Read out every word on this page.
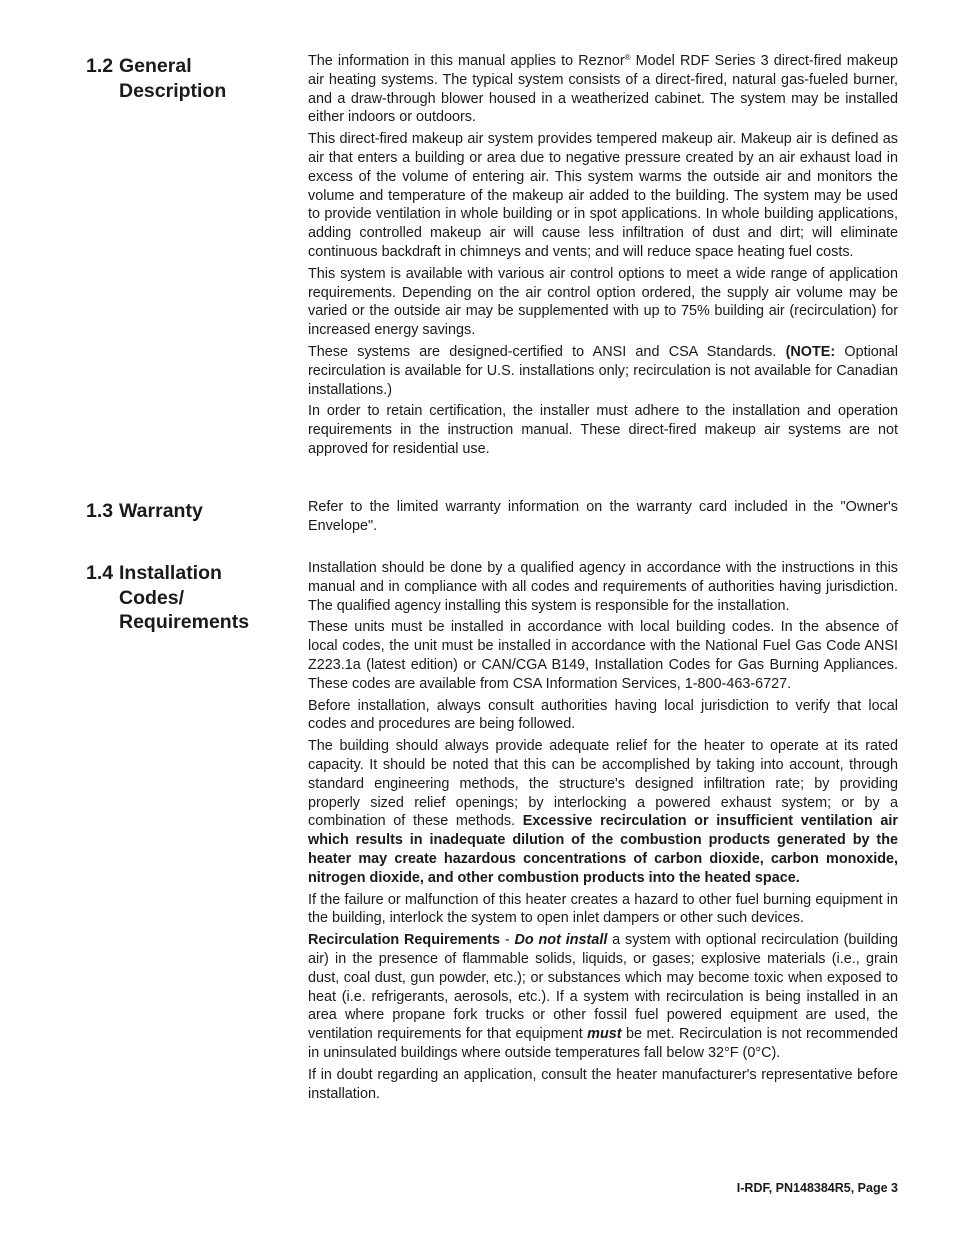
1.2 General
Description

The information in this manual applies to Reznor® Model RDF Series 3 direct-fired makeup air heating systems. The typical system consists of a direct-fired, natural gas-fueled burner, and a draw-through blower housed in a weatherized cabinet. The system may be installed either indoors or outdoors.

This direct-fired makeup air system provides tempered makeup air. Makeup air is defined as air that enters a building or area due to negative pressure created by an air exhaust load in excess of the volume of entering air. This system warms the outside air and monitors the volume and temperature of the makeup air added to the building. The system may be used to provide ventilation in whole building or in spot applications. In whole building applications, adding controlled makeup air will cause less infiltration of dust and dirt; will eliminate continuous backdraft in chimneys and vents; and will reduce space heating fuel costs.

This system is available with various air control options to meet a wide range of application requirements. Depending on the air control option ordered, the supply air volume may be varied or the outside air may be supplemented with up to 75% building air (recirculation) for increased energy savings.

These systems are designed-certified to ANSI and CSA Standards. (NOTE: Optional recirculation is available for U.S. installations only; recirculation is not available for Canadian installations.)

In order to retain certification, the installer must adhere to the installation and operation requirements in the instruction manual. These direct-fired makeup air systems are not approved for residential use.

1.3 Warranty	Refer to the limited warranty information on the warranty card included in the "Owner's Envelope".

1.4 Installation
Codes/
Requirements

Installation should be done by a qualified agency in accordance with the instructions in this manual and in compliance with all codes and requirements of authorities having jurisdiction. The qualified agency installing this system is responsible for the installation.

These units must be installed in accordance with local building codes. In the absence of local codes, the unit must be installed in accordance with the National Fuel Gas Code ANSI Z223.1a (latest edition) or CAN/CGA B149, Installation Codes for Gas Burning Appliances. These codes are available from CSA Information Services, 1-800-463-6727.

Before installation, always consult authorities having local jurisdiction to verify that local codes and procedures are being followed.

The building should always provide adequate relief for the heater to operate at its rated capacity. It should be noted that this can be accomplished by taking into account, through standard engineering methods, the structure's designed infiltration rate; by providing properly sized relief openings; by interlocking a powered exhaust system; or by a combination of these methods. Excessive recirculation or insufficient ventilation air which results in inadequate dilution of the combustion products generated by the heater may create hazardous concentrations of carbon dioxide, carbon monoxide, nitrogen dioxide, and other combustion products into the heated space.

If the failure or malfunction of this heater creates a hazard to other fuel burning equipment in the building, interlock the system to open inlet dampers or other such devices.

Recirculation Requirements - Do not install a system with optional recirculation (building air) in the presence of flammable solids, liquids, or gases; explosive materials (i.e., grain dust, coal dust, gun powder, etc.); or substances which may become toxic when exposed to heat (i.e. refrigerants, aerosols, etc.). If a system with recirculation is being installed in an area where propane fork trucks or other fossil fuel powered equipment are used, the ventilation requirements for that equipment must be met. Recirculation is not recommended in uninsulated buildings where outside temperatures fall below 32°F (0°C).

If in doubt regarding an application, consult the heater manufacturer's representative before installation.

I-RDF, PN148384R5, Page 3
